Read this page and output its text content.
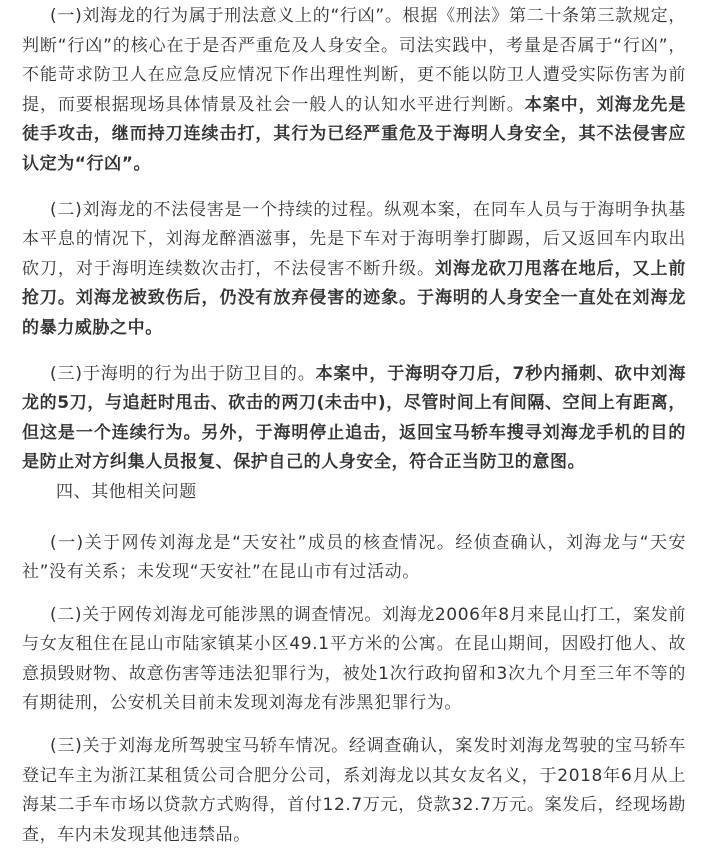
(一)刘海龙的行为属于刑法意义上的“行凶”。根据《刑法》第二十条第三款规定，判断“行凶”的核心在于是否严重危及人身安全。司法实践中，考量是否属于“行凶”，不能苛求防卫人在应急反应情况下作出理性判断，更不能以防卫人遭受实际伤害为前提，而要根据现场具体情景及社会一般人的认知水平进行判断。本案中，刘海龙先是徒手攻击，继而持刀连续击打，其行为已经严重危及于海明人身安全，其不法侵害应认定为“行凶”。

(二)刘海龙的不法侵害是一个持续的过程。纵观本案，在同车人员与于海明争执基本平息的情况下，刘海龙醉酒滋事，先是下车对于海明拳打脚踢，后又返回车内取出砍刀，对于海明连续数次击打，不法侵害不断升级。刘海龙砍刀甩落在地后，又上前抢刀。刘海龙被致伤后，仍没有放弃侵害的迹象。于海明的人身安全一直处在刘海龙的暴力威胁之中。

(三)于海明的行为出于防卫目的。本案中，于海明夺刀后，7秒内捅刺、砍中刘海龙的5刀，与追赶时甩击、砍击的两刀(未击中)，尽管时间上有间隔、空间上有距离，但这是一个连续行为。另外，于海明停止追击，返回宝马轿车搜寻刘海龙手机的目的是防止对方纠集人员报复、保护自己的人身安全，符合正当防卫的意图。

四、其他相关问题

(一)关于网传刘海龙是“天安社”成员的核查情况。经侦查确认，刘海龙与“天安社”没有关系；未发现“天安社”在昆山市有过活动。

(二)关于网传刘海龙可能涉黑的调查情况。刘海龙2006年8月来昆山打工，案发前与女友租住在昆山市陆家镇某小区49.1平方米的公寓。在昆山期间，因殴打他人、故意损毁财物、故意伤害等违法犯罪行为，被处1次行政拘留和3次九个月至三年不等的有期徒刑，公安机关目前未发现刘海龙有涉黑犯罪行为。

(三)关于刘海龙所驾驶宝马轿车情况。经调查确认，案发时刘海龙驾驶的宝马轿车登记车主为浙江某租赁公司合肥分公司，系刘海龙以其女友名义，于2018年6月从上海某二手车市场以贷款方式购得，首付12.7万元，贷款32.7万元。案发后，经现场勘查，车内未发现其他违禁品。
